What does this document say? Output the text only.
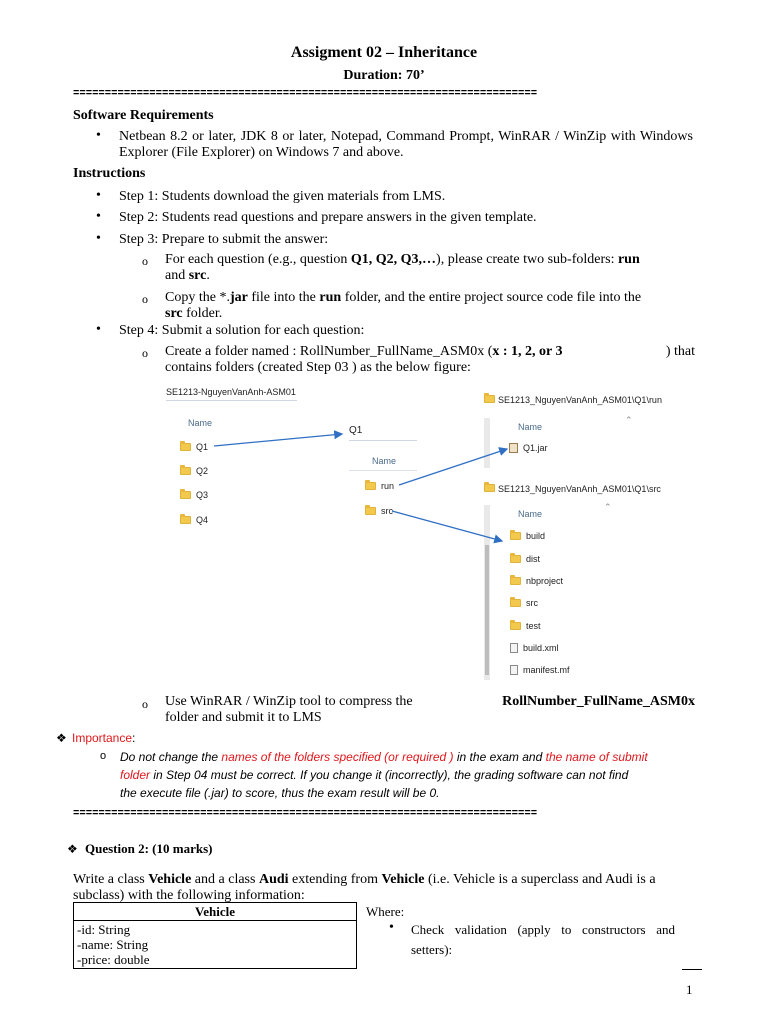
Assigment 02 – Inheritance
Duration: 70’
=========================================================================
Software Requirements
• Netbean 8.2 or later, JDK 8 or later, Notepad, Command Prompt, WinRAR / WinZip with Windows Explorer (File Explorer) on Windows 7 and above.
Instructions
• Step 1: Students download the given materials from LMS.
• Step 2: Students read questions and prepare answers in the given template.
• Step 3: Prepare to submit the answer:
o For each question (e.g., question Q1, Q2, Q3,…), please create two sub-folders: run
and src.
o Copy the *.jar file into the run folder, and the entire project source code file into the
src folder.
• Step 4: Submit a solution for each question:
o Create a folder named : RollNumber_FullName_ASM0x (x : 1, 2, or 3	) that
contains folders (created Step 03 ) as the below figure:
SE1213-NguyenVanAnh-ASM01
Name
Q1
Q2
Q3
Q4
Q1
Name
run
src
SE1213_NguyenVanAnh_ASM01\Q1\run
Name
⌃
Q1.jar
SE1213_NguyenVanAnh_ASM01\Q1\src
Name
⌃
build
dist
nbproject
src
test
build.xml
manifest.mf
o Use WinRAR / WinZip tool to compress the	RollNumber_FullName_ASM0x
folder and submit it to LMS
❖ Importance:
o Do not change the names of the folders specified (or required ) in the exam and the name of submit
folder in Step 04 must be correct. If you change it (incorrectly), the grading software can not find
the execute file (.jar) to score, thus the exam result will be 0.
=========================================================================
❖ Question 2: (10 marks)
Write a class Vehicle and a class Audi extending from Vehicle (i.e. Vehicle is a superclass and Audi is a
subclass) with the following information:
Vehicle

-id: String
-name: String
-price: double
Where:
• Check validation (apply to constructors and setters):
1
